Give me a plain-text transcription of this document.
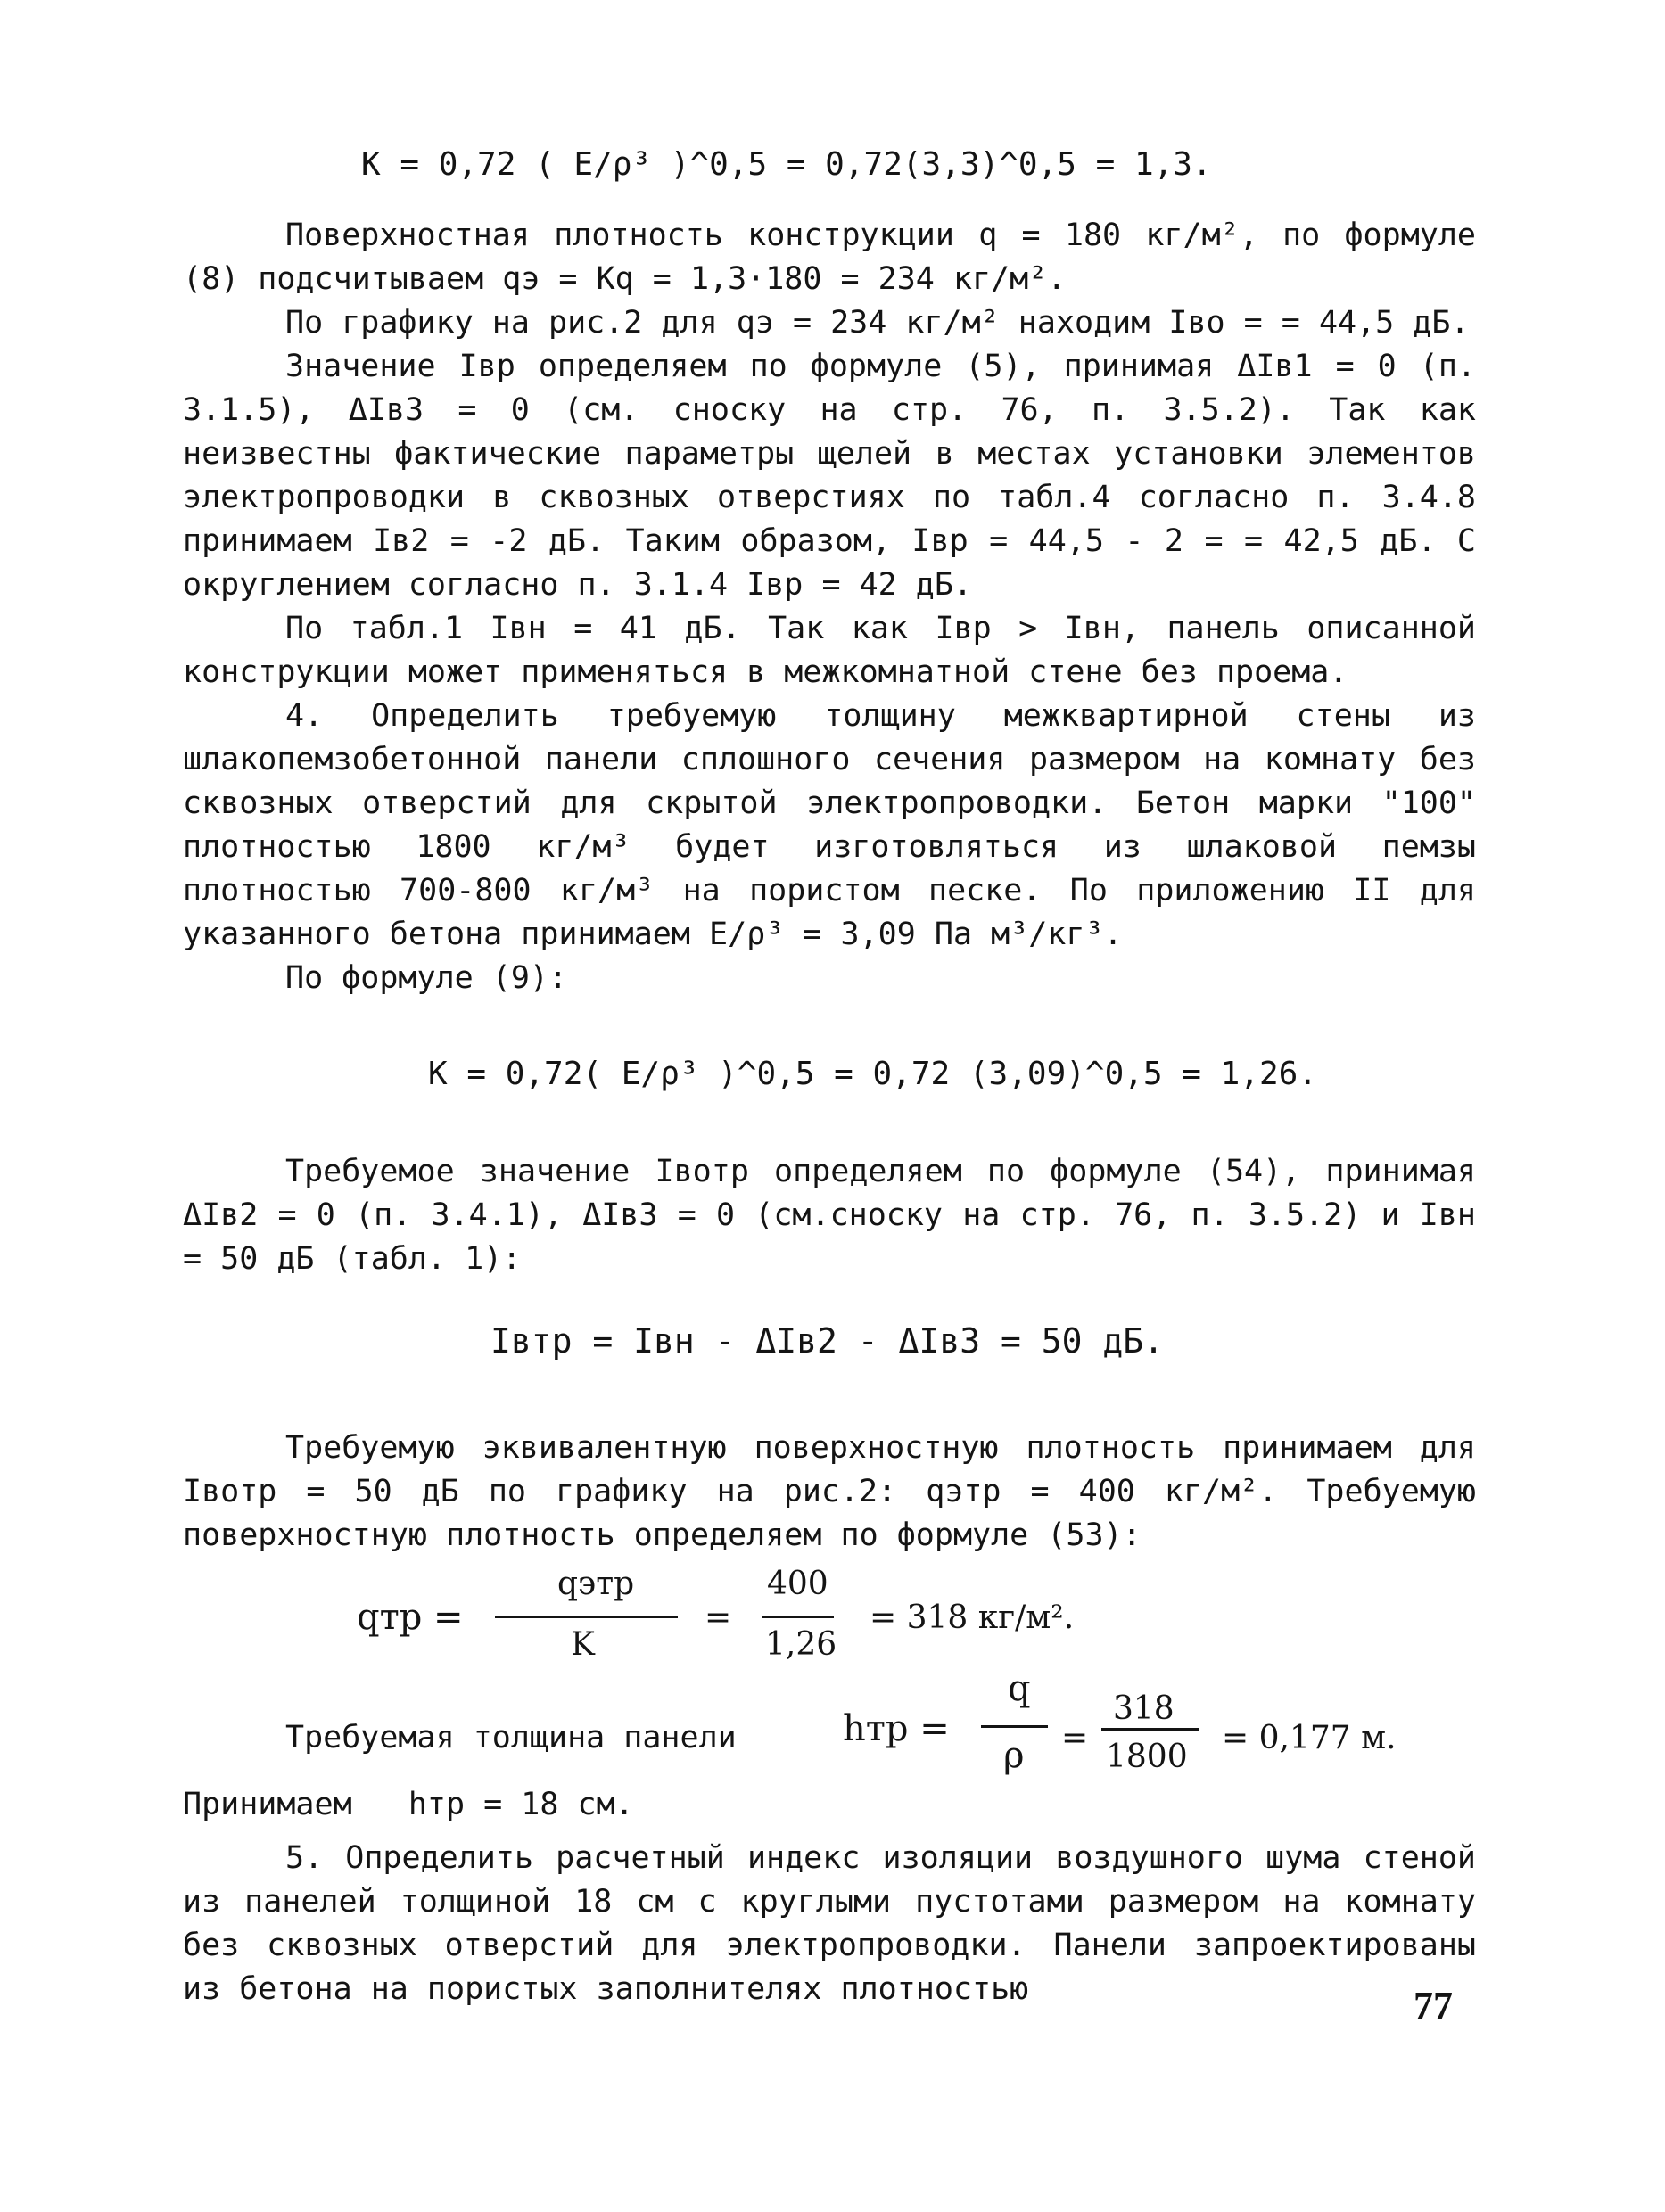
K = 0,72 ( E/ρ³ )^0,5 = 0,72(3,3)^0,5 = 1,3.

Поверхностная плотность конструкции q = 180 кг/м², по формуле (8) подсчитываем qэ = Kq = 1,3·180 = 234 кг/м².

По графику на рис.2 для qэ = 234 кг/м² находим Iво = = 44,5 дБ.

Значение Iвр определяем по формуле (5), принимая ΔIв1 = 0 (п. 3.1.5), ΔIв3 = 0 (см. сноску на стр. 76, п. 3.5.2). Так как неизвестны фактические параметры щелей в местах установки элементов электропроводки в сквозных отверстиях по табл.4 согласно п. 3.4.8 принимаем Iв2 = -2 дБ. Таким образом, Iвр = 44,5 - 2 = = 42,5 дБ. С округлением согласно п. 3.1.4 Iвр = 42 дБ.

По табл.1 Iвн = 41 дБ. Так как Iвр > Iвн, панель описанной конструкции может применяться в межкомнатной стене без проема.

4. Определить требуемую толщину межквартирной стены из шлакопемзобетонной панели сплошного сечения размером на комнату без сквозных отверстий для скрытой электропроводки. Бетон марки "100" плотностью 1800 кг/м³ будет изготовляться из шлаковой пемзы плотностью 700-800 кг/м³ на пористом песке. По приложению II для указанного бетона принимаем E/ρ³ = 3,09 Па м³/кг³.

По формуле (9):

K = 0,72( E/ρ³ )^0,5 = 0,72 (3,09)^0,5 = 1,26.

Требуемое значение Iвотр определяем по формуле (54), принимая ΔIв2 = 0 (п. 3.4.1), ΔIв3 = 0 (см.сноску на стр. 76, п. 3.5.2) и Iвн = 50 дБ (табл. 1):

Iвтр = Iвн - ΔIв2 - ΔIв3 = 50 дБ.

Требуемую эквивалентную поверхностную плотность принимаем для Iвотр = 50 дБ по графику на рис.2: qэтр = 400 кг/м². Требуемую поверхностную плотность определяем по формуле (53):

qтр =
qэтр
K
=
400
1,26
= 318 кг/м².
Требуемая толщина панели	hтр =
q
ρ =
318
1800
= 0,177 м.
Принимаем   hтр = 18 см.

5. Определить расчетный индекс изоляции воздушного шума стеной из панелей толщиной 18 см с круглыми пустотами размером на комнату без сквозных отверстий для электропроводки. Панели запроектированы из бетона на пористых заполнителях плотностью	77
